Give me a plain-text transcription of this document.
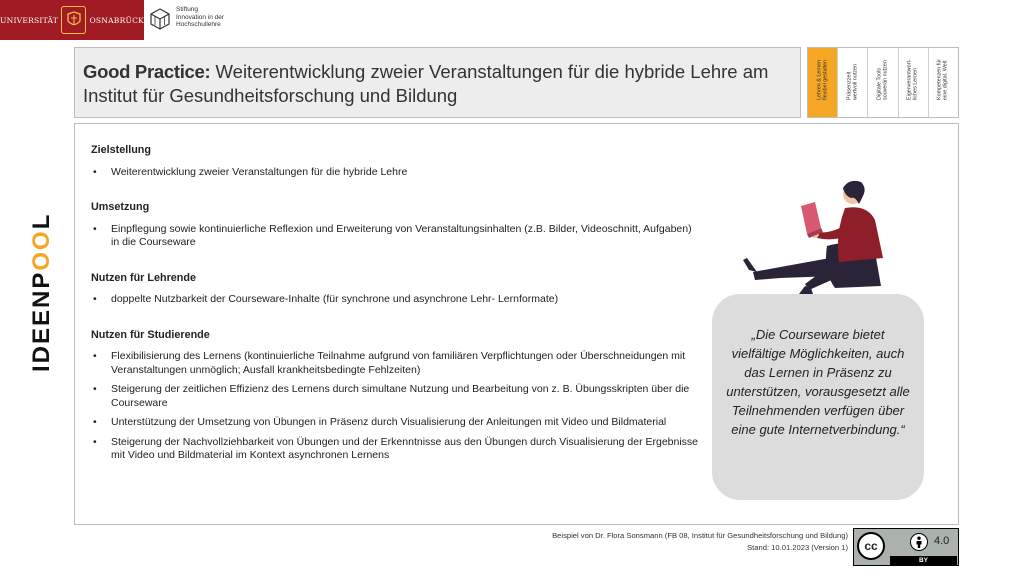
UNIVERSITÄT	OSNABRÜCK
Stiftung
Innovation in der
Hochschullehre
Good Practice: Weiterentwicklung zweier Veranstaltungen für die hybride Lehre am Institut für Gesundheitsforschung und Bildung	Lehren & Lernen
flexibel gestalten
Präsenzzeit
wertvoll nutzen
Digitale Tools
souverän nutzen	Eigenverantwort-
liches Lernen	Kompetenzen für
eine digital. Welt
IDEENPOOL
Zielstellung
• Weiterentwicklung zweier Veranstaltungen für die hybride Lehre
Umsetzung
• Einpflegung sowie kontinuierliche Reflexion und Erweiterung von Veranstaltungsinhalten (z.B. Bilder, Videoschnitt, Aufgaben) in die Courseware
Nutzen für Lehrende
• doppelte Nutzbarkeit der Courseware-Inhalte (für synchrone und asynchrone Lehr- Lernformate)
Nutzen für Studierende
• Flexibilisierung des Lernens (kontinuierliche Teilnahme aufgrund von familiären Verpflichtungen oder Überschneidungen mit Veranstaltungen unmöglich; Ausfall krankheitsbedingte Fehlzeiten)
• Steigerung der zeitlichen Effizienz des Lernens durch simultane Nutzung und Bearbeitung von z. B. Übungsskripten über die Courseware
• Unterstützung der Umsetzung von Übungen in Präsenz durch Visualisierung der Anleitungen mit Video und Bildmaterial
• Steigerung der Nachvollziehbarkeit von Übungen und der Erkenntnisse aus den Übungen durch Visualisierung der Ergebnisse mit Video und Bildmaterial im Kontext asynchronen Lernens
„Die Courseware bietet vielfältige Möglichkeiten, auch das Lernen in Präsenz zu unterstützen, vorausgesetzt alle Teilnehmenden verfügen über eine gute Internetverbindung.“
Beispiel von Dr. Flora Sonsmann (FB 08, Institut für Gesundheitsforschung und Bildung)
Stand: 10.01.2023 (Version 1)	cc	4.0
BY
